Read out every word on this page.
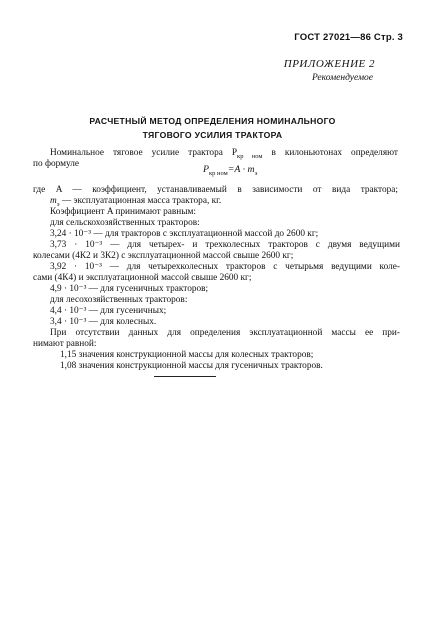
ГОСТ 27021—86 Стр. 3
ПРИЛОЖЕНИЕ 2
Рекомендуемое
РАСЧЕТНЫЙ МЕТОД ОПРЕДЕЛЕНИЯ НОМИНАЛЬНОГО
ТЯГОВОГО УСИЛИЯ ТРАКТОРА
Номинальное тяговое усилие трактора $P_{кр ном}$ в килоньютонах определяют
по формуле	$P_{кр ном}=A \cdot m_э$
где A — коэффициент, устанавливаемый в зависимости от вида трактора;
$m_э$ — эксплуатационная масса трактора, кг.
Коэффициент A принимают равным:
для сельскохозяйственных тракторов:
3,24 · 10⁻³ — для тракторов с эксплуатационной массой до 2600 кг;
3,73 · 10⁻³ — для четырех- и трехколесных тракторов с двумя ведущими
колесами (4К2 и 3К2) с эксплуатационной массой свыше 2600 кг;
3,92 · 10⁻³ — для четырехколесных тракторов с четырьмя ведущими коле-
сами (4К4) и эксплуатационной массой свыше 2600 кг;
4,9 · 10⁻³ — для гусеничных тракторов;
для лесохозяйственных тракторов:
4,4 · 10⁻³ — для гусеничных;
3,4 · 10⁻³ — для колесных.
При отсутствии данных для определения эксплуатационной массы ее при-
нимают равной:
1,15 значения конструкционной массы для колесных тракторов;
1,08 значения конструкционной массы для гусеничных тракторов.
